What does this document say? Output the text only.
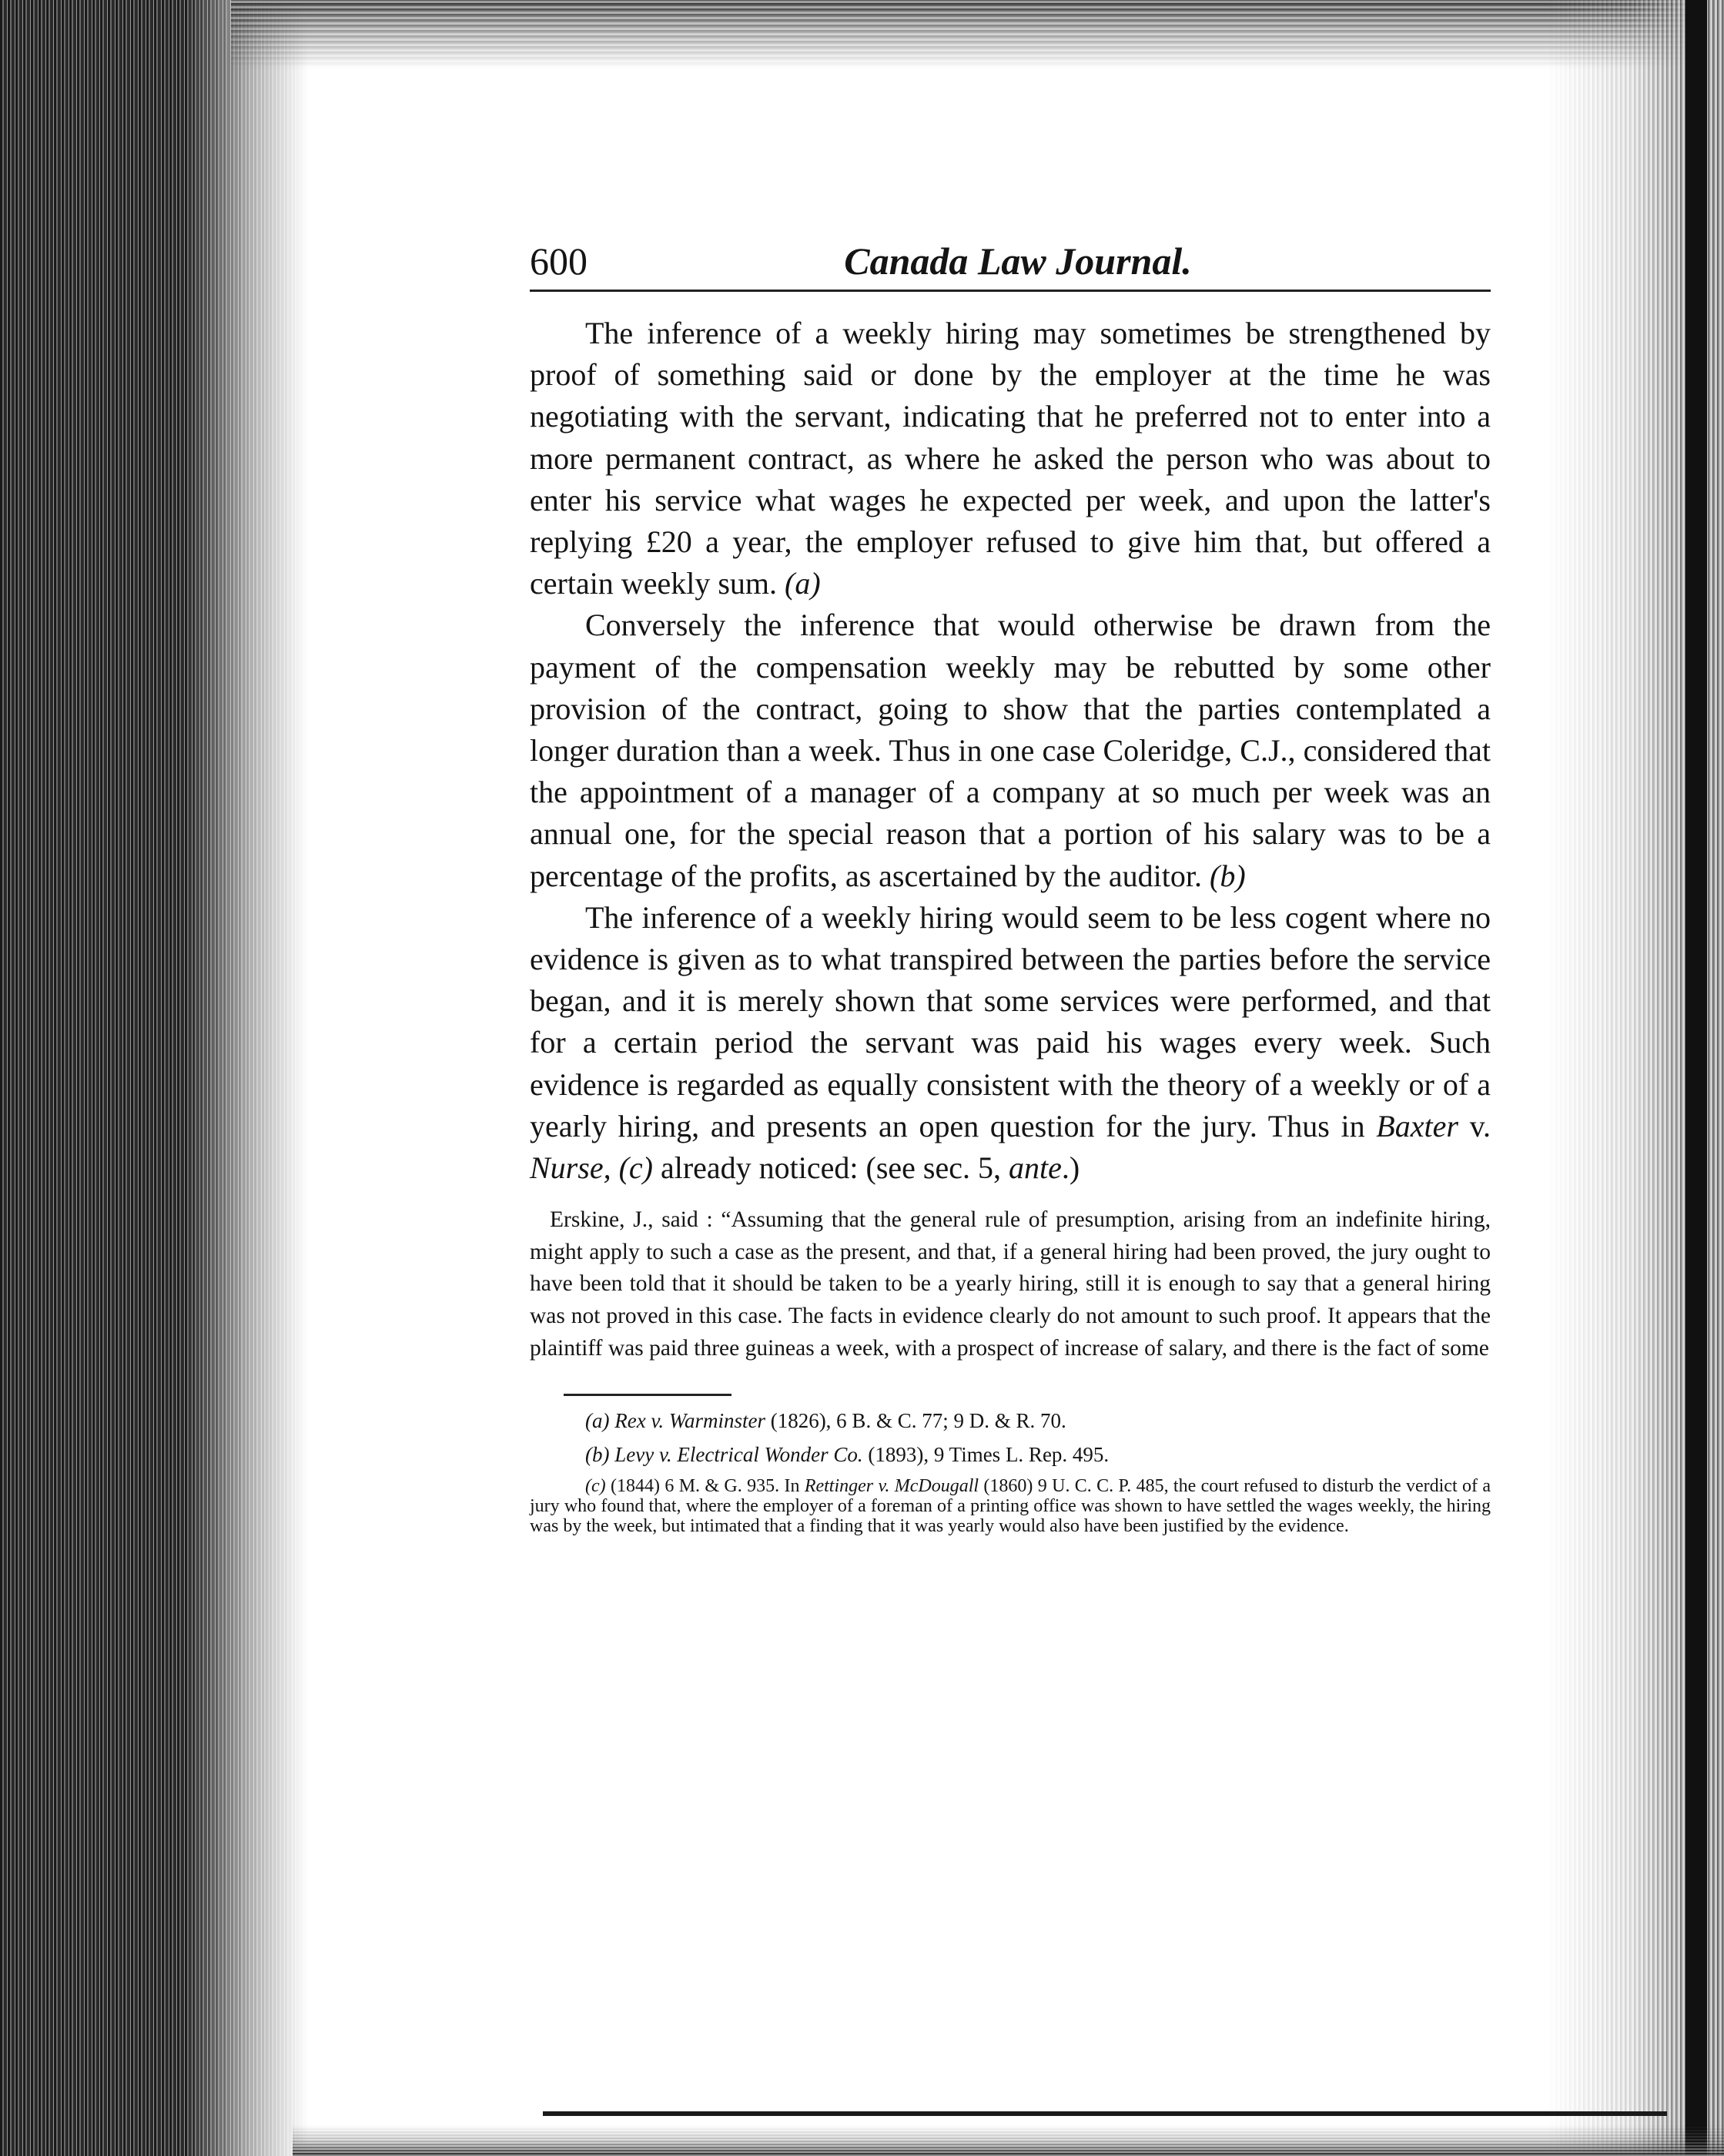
600	Canada Law Journal.

The inference of a weekly hiring may sometimes be strengthened by proof of something said or done by the employer at the time he was negotiating with the servant, indicating that he preferred not to enter into a more permanent contract, as where he asked the person who was about to enter his service what wages he expected per week, and upon the latter's replying £20 a year, the employer refused to give him that, but offered a certain weekly sum. (a)

Conversely the inference that would otherwise be drawn from the payment of the compensation weekly may be rebutted by some other provision of the contract, going to show that the parties contemplated a longer duration than a week. Thus in one case Coleridge, C.J., considered that the appointment of a manager of a company at so much per week was an annual one, for the special reason that a portion of his salary was to be a percentage of the profits, as ascertained by the auditor. (b)

The inference of a weekly hiring would seem to be less cogent where no evidence is given as to what transpired between the parties before the service began, and it is merely shown that some services were performed, and that for a certain period the servant was paid his wages every week. Such evidence is regarded as equally consistent with the theory of a weekly or of a yearly hiring, and presents an open question for the jury. Thus in Baxter v. Nurse, (c) already noticed: (see sec. 5, ante.)

Erskine, J., said : “Assuming that the general rule of presumption, arising from an indefinite hiring, might apply to such a case as the present, and that, if a general hiring had been proved, the jury ought to have been told that it should be taken to be a yearly hiring, still it is enough to say that a general hiring was not proved in this case. The facts in evidence clearly do not amount to such proof. It appears that the plaintiff was paid three guineas a week, with a prospect of increase of salary, and there is the fact of some

(a) Rex v. Warminster (1826), 6 B. & C. 77; 9 D. & R. 70.

(b) Levy v. Electrical Wonder Co. (1893), 9 Times L. Rep. 495.

(c) (1844) 6 M. & G. 935. In Rettinger v. McDougall (1860) 9 U. C. C. P. 485, the court refused to disturb the verdict of a jury who found that, where the employer of a foreman of a printing office was shown to have settled the wages weekly, the hiring was by the week, but intimated that a finding that it was yearly would also have been justified by the evidence.
